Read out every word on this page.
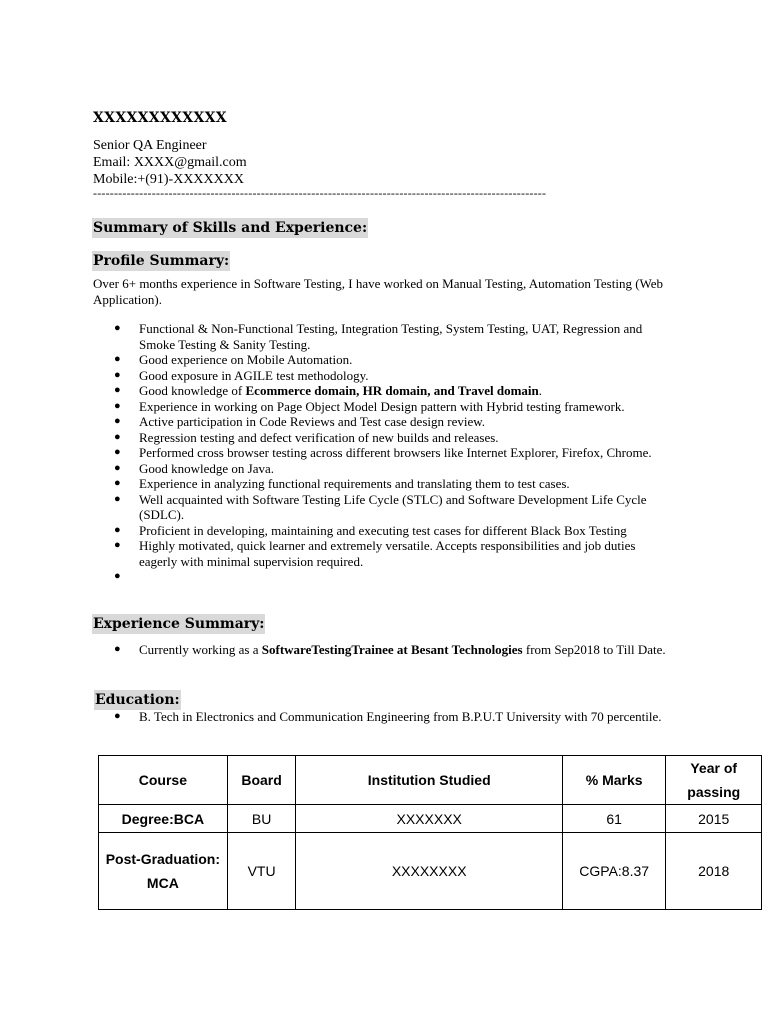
XXXXXXXXXXXX
Senior QA Engineer
Email: XXXX@gmail.com
Mobile:+(91)-XXXXXXX
------------------------------------------------------------------------------------------------------------
Summary of Skills and Experience:
Profile Summary:
Over 6+ months experience in Software Testing, I have worked on Manual Testing, Automation Testing (Web Application).
● Functional & Non-Functional Testing, Integration Testing, System Testing, UAT, Regression and Smoke Testing & Sanity Testing.
● Good experience on Mobile Automation.
● Good exposure in AGILE test methodology.
● Good knowledge of Ecommerce domain, HR domain, and Travel domain.
● Experience in working on Page Object Model Design pattern with Hybrid testing framework.
● Active participation in Code Reviews and Test case design review.
● Regression testing and defect verification of new builds and releases.
● Performed cross browser testing across different browsers like Internet Explorer, Firefox, Chrome.
● Good knowledge on Java.
● Experience in analyzing functional requirements and translating them to test cases.
● Well acquainted with Software Testing Life Cycle (STLC) and Software Development Life Cycle (SDLC).
● Proficient in developing, maintaining and executing test cases for different Black Box Testing
● Highly motivated, quick learner and extremely versatile. Accepts responsibilities and job duties eagerly with minimal supervision required.
●
Experience Summary:
● Currently working as a SoftwareTestingTrainee at Besant Technologies from Sep2018 to Till Date.
Education:
● B. Tech in Electronics and Communication Engineering from B.P.U.T University with 70 percentile.
Course	Board	Institution Studied	% Marks	Year of passing
Degree:BCA	BU	XXXXXXX	61	2015
Post-Graduation:MCA	VTU	XXXXXXXX	CGPA:8.37	2018
